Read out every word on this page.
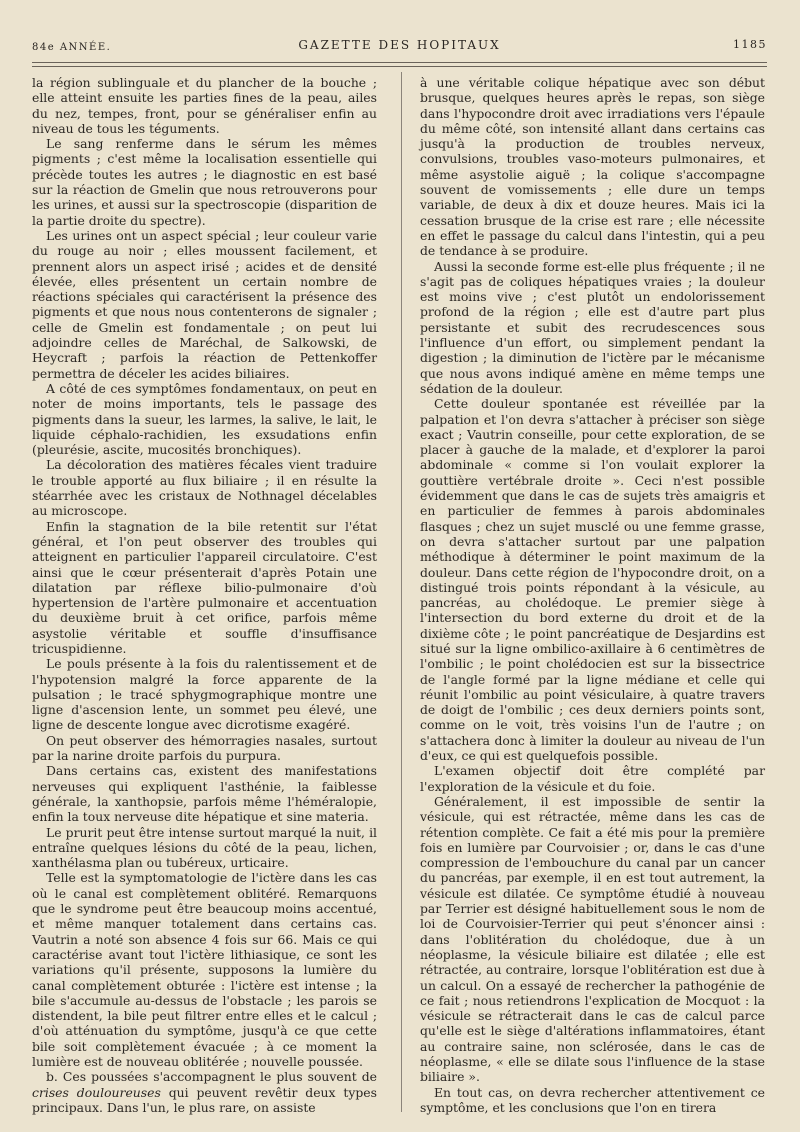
84e ANNÉE.	GAZETTE DES HOPITAUX	1185

la région sublinguale et du plancher de la bouche ; elle atteint ensuite les parties fines de la peau, ailes du nez, tempes, front, pour se généraliser enfin au niveau de tous les téguments.

Le sang renferme dans le sérum les mêmes pigments ; c'est même la localisation essentielle qui précède toutes les autres ; le diagnostic en est basé sur la réaction de Gmelin que nous retrouverons pour les urines, et aussi sur la spectroscopie (disparition de la partie droite du spectre).

Les urines ont un aspect spécial ; leur couleur varie du rouge au noir ; elles moussent facilement, et prennent alors un aspect irisé ; acides et de densité élevée, elles présentent un certain nombre de réactions spéciales qui caractérisent la présence des pigments et que nous nous contenterons de signaler ; celle de Gmelin est fondamentale ; on peut lui adjoindre celles de Maréchal, de Salkowski, de Heycraft ; parfois la réaction de Pettenkoffer permettra de déceler les acides biliaires.

A côté de ces symptômes fondamentaux, on peut en noter de moins importants, tels le passage des pigments dans la sueur, les larmes, la salive, le lait, le liquide céphalo-rachidien, les exsudations enfin (pleurésie, ascite, mucosités bronchiques).

La décoloration des matières fécales vient traduire le trouble apporté au flux biliaire ; il en résulte la stéarrhée avec les cristaux de Nothnagel décelables au microscope.

Enfin la stagnation de la bile retentit sur l'état général, et l'on peut observer des troubles qui atteignent en particulier l'appareil circulatoire. C'est ainsi que le cœur présenterait d'après Potain une dilatation par réflexe bilio-pulmonaire d'où hypertension de l'artère pulmonaire et accentuation du deuxième bruit à cet orifice, parfois même asystolie véritable et souffle d'insuffisance tricuspidienne.

Le pouls présente à la fois du ralentissement et de l'hypotension malgré la force apparente de la pulsation ; le tracé sphygmographique montre une ligne d'ascension lente, un sommet peu élevé, une ligne de descente longue avec dicrotisme exagéré.

On peut observer des hémorragies nasales, surtout par la narine droite parfois du purpura.

Dans certains cas, existent des manifestations nerveuses qui expliquent l'asthénie, la faiblesse générale, la xanthopsie, parfois même l'héméralopie, enfin la toux nerveuse dite hépatique et sine materia.

Le prurit peut être intense surtout marqué la nuit, il entraîne quelques lésions du côté de la peau, lichen, xanthélasma plan ou tubéreux, urticaire.

Telle est la symptomatologie de l'ictère dans les cas où le canal est complètement oblitéré. Remarquons que le syndrome peut être beaucoup moins accentué, et même manquer totalement dans certains cas. Vautrin a noté son absence 4 fois sur 66. Mais ce qui caractérise avant tout l'ictère lithiasique, ce sont les variations qu'il présente, supposons la lumière du canal complètement obturée : l'ictère est intense ; la bile s'accumule au-dessus de l'obstacle ; les parois se distendent, la bile peut filtrer entre elles et le calcul ; d'où atténuation du symptôme, jusqu'à ce que cette bile soit complètement évacuée ; à ce moment la lumière est de nouveau oblitérée ; nouvelle poussée.

b. Ces poussées s'accompagnent le plus souvent de crises douloureuses qui peuvent revêtir deux types principaux. Dans l'un, le plus rare, on assiste

à une véritable colique hépatique avec son début brusque, quelques heures après le repas, son siège dans l'hypocondre droit avec irradiations vers l'épaule du même côté, son intensité allant dans certains cas jusqu'à la production de troubles nerveux, convulsions, troubles vaso-moteurs pulmonaires, et même asystolie aiguë ; la colique s'accompagne souvent de vomissements ; elle dure un temps variable, de deux à dix et douze heures. Mais ici la cessation brusque de la crise est rare ; elle nécessite en effet le passage du calcul dans l'intestin, qui a peu de tendance à se produire.

Aussi la seconde forme est-elle plus fréquente ; il ne s'agit pas de coliques hépatiques vraies ; la douleur est moins vive ; c'est plutôt un endolorissement profond de la région ; elle est d'autre part plus persistante et subit des recrudescences sous l'influence d'un effort, ou simplement pendant la digestion ; la diminution de l'ictère par le mécanisme que nous avons indiqué amène en même temps une sédation de la douleur.

Cette douleur spontanée est réveillée par la palpation et l'on devra s'attacher à préciser son siège exact ; Vautrin conseille, pour cette exploration, de se placer à gauche de la malade, et d'explorer la paroi abdominale « comme si l'on voulait explorer la gouttière vertébrale droite ». Ceci n'est possible évidemment que dans le cas de sujets très amaigris et en particulier de femmes à parois abdominales flasques ; chez un sujet musclé ou une femme grasse, on devra s'attacher surtout par une palpation méthodique à déterminer le point maximum de la douleur. Dans cette région de l'hypocondre droit, on a distingué trois points répondant à la vésicule, au pancréas, au cholédoque. Le premier siège à l'intersection du bord externe du droit et de la dixième côte ; le point pancréatique de Desjardins est situé sur la ligne ombilico-axillaire à 6 centimètres de l'ombilic ; le point cholédocien est sur la bissectrice de l'angle formé par la ligne médiane et celle qui réunit l'ombilic au point vésiculaire, à quatre travers de doigt de l'ombilic ; ces deux derniers points sont, comme on le voit, très voisins l'un de l'autre ; on s'attachera donc à limiter la douleur au niveau de l'un d'eux, ce qui est quelquefois possible.

L'examen objectif doit être complété par l'exploration de la vésicule et du foie.

Généralement, il est impossible de sentir la vésicule, qui est rétractée, même dans les cas de rétention complète. Ce fait a été mis pour la première fois en lumière par Courvoisier ; or, dans le cas d'une compression de l'embouchure du canal par un cancer du pancréas, par exemple, il en est tout autrement, la vésicule est dilatée. Ce symptôme étudié à nouveau par Terrier est désigné habituellement sous le nom de loi de Courvoisier-Terrier qui peut s'énoncer ainsi : dans l'oblitération du cholédoque, due à un néoplasme, la vésicule biliaire est dilatée ; elle est rétractée, au contraire, lorsque l'oblitération est due à un calcul. On a essayé de rechercher la pathogénie de ce fait ; nous retiendrons l'explication de Mocquot : la vésicule se rétracterait dans le cas de calcul parce qu'elle est le siège d'altérations inflammatoires, étant au contraire saine, non sclérosée, dans le cas de néoplasme, « elle se dilate sous l'influence de la stase biliaire ».

En tout cas, on devra rechercher attentivement ce symptôme, et les conclusions que l'on en tirera
